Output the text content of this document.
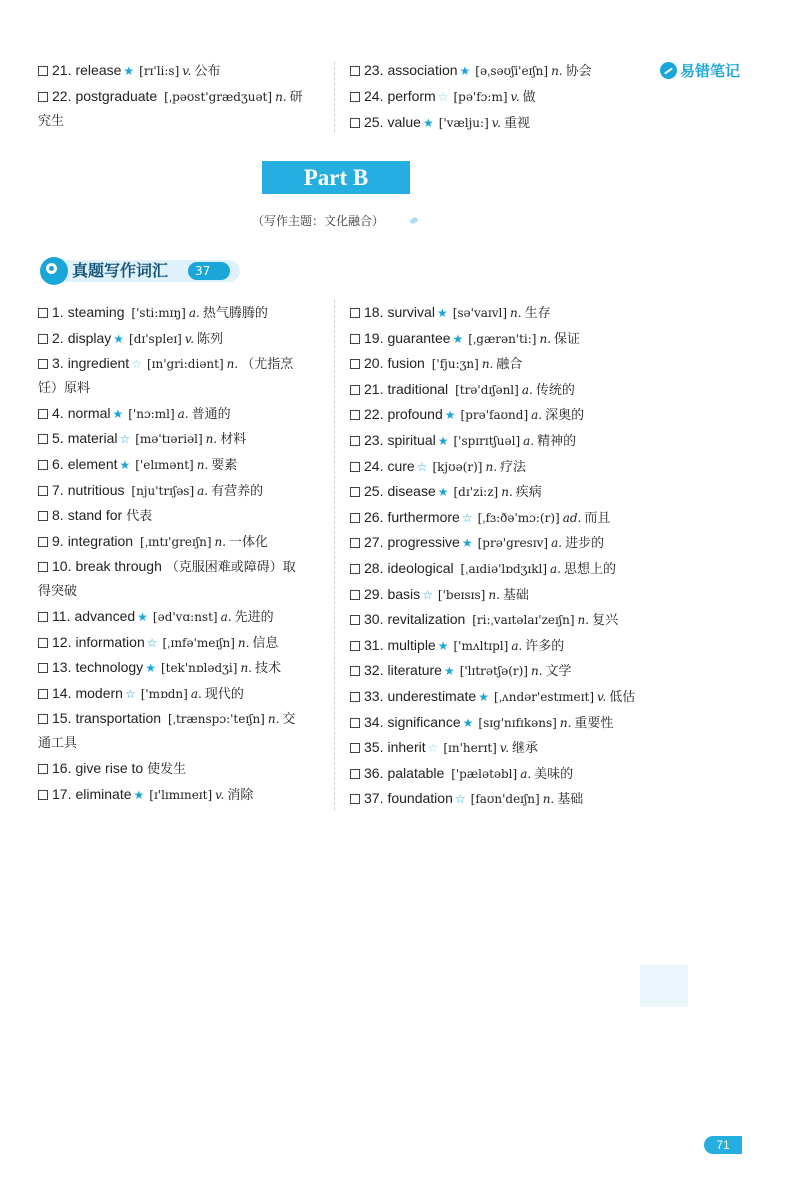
易错笔记
21. release ★ [rɪ'li:s] v. 公布
22. postgraduate [ˌpəʊst'grædʒuət] n. 研究生
23. association ★ [əˌsəʊʃi'eɪʃn] n. 协会
24. perform ☆ [pə'fɔ:m] v. 做
25. value ★ ['vælju:] v. 重视
Part B
（写作主题：文化融合）
真题写作词汇	37 个
1. steaming ['sti:mɪŋ] a. 热气腾腾的
2. display ★ [dɪ'spleɪ] v. 陈列
3. ingredient ☆ [ɪn'gri:diənt] n. （尤指烹饪）原料
4. normal ★ ['nɔ:ml] a. 普通的
5. material ☆ [mə'tɪəriəl] n. 材料
6. element ★ ['elɪmənt] n. 要素
7. nutritious [nju'trɪʃəs] a. 有营养的
8. stand for 代表
9. integration [ˌɪntɪ'greɪʃn] n. 一体化
10. break through （克服困难或障碍）取得突破
11. advanced ★ [əd'vɑ:nst] a. 先进的
12. information ☆ [ˌɪnfə'meɪʃn] n. 信息
13. technology ★ [tek'nɒlədʒi] n. 技术
14. modern ☆ ['mɒdn] a. 现代的
15. transportation [ˌtrænspɔ:'teɪʃn] n. 交通工具
16. give rise to 使发生
17. eliminate ★ [ɪ'lɪmɪneɪt] v. 消除
18. survival ★ [sə'vaɪvl] n. 生存
19. guarantee ★ [ˌgærən'ti:] n. 保证
20. fusion ['fju:ʒn] n. 融合
21. traditional [trə'dɪʃənl] a. 传统的
22. profound ★ [prə'faʊnd] a. 深奥的
23. spiritual ★ ['spɪrɪtʃuəl] a. 精神的
24. cure ☆ [kjʊə(r)] n. 疗法
25. disease ★ [dɪ'zi:z] n. 疾病
26. furthermore ☆ [ˌfɜ:ðə'mɔ:(r)] ad. 而且
27. progressive ★ [prə'gresɪv] a. 进步的
28. ideological [ˌaɪdiə'lɒdʒɪkl] a. 思想上的
29. basis ☆ ['beɪsɪs] n. 基础
30. revitalization [ri:ˌvaɪtəlaɪ'zeɪʃn] n. 复兴
31. multiple ★ ['mʌltɪpl] a. 许多的
32. literature ★ ['lɪtrətʃə(r)] n. 文学
33. underestimate ★ [ˌʌndər'estɪmeɪt] v. 低估
34. significance ★ [sɪg'nɪfɪkəns] n. 重要性
35. inherit ☆ [ɪn'herɪt] v. 继承
36. palatable ['pælətəbl] a. 美味的
37. foundation ☆ [faʊn'deɪʃn] n. 基础
71
